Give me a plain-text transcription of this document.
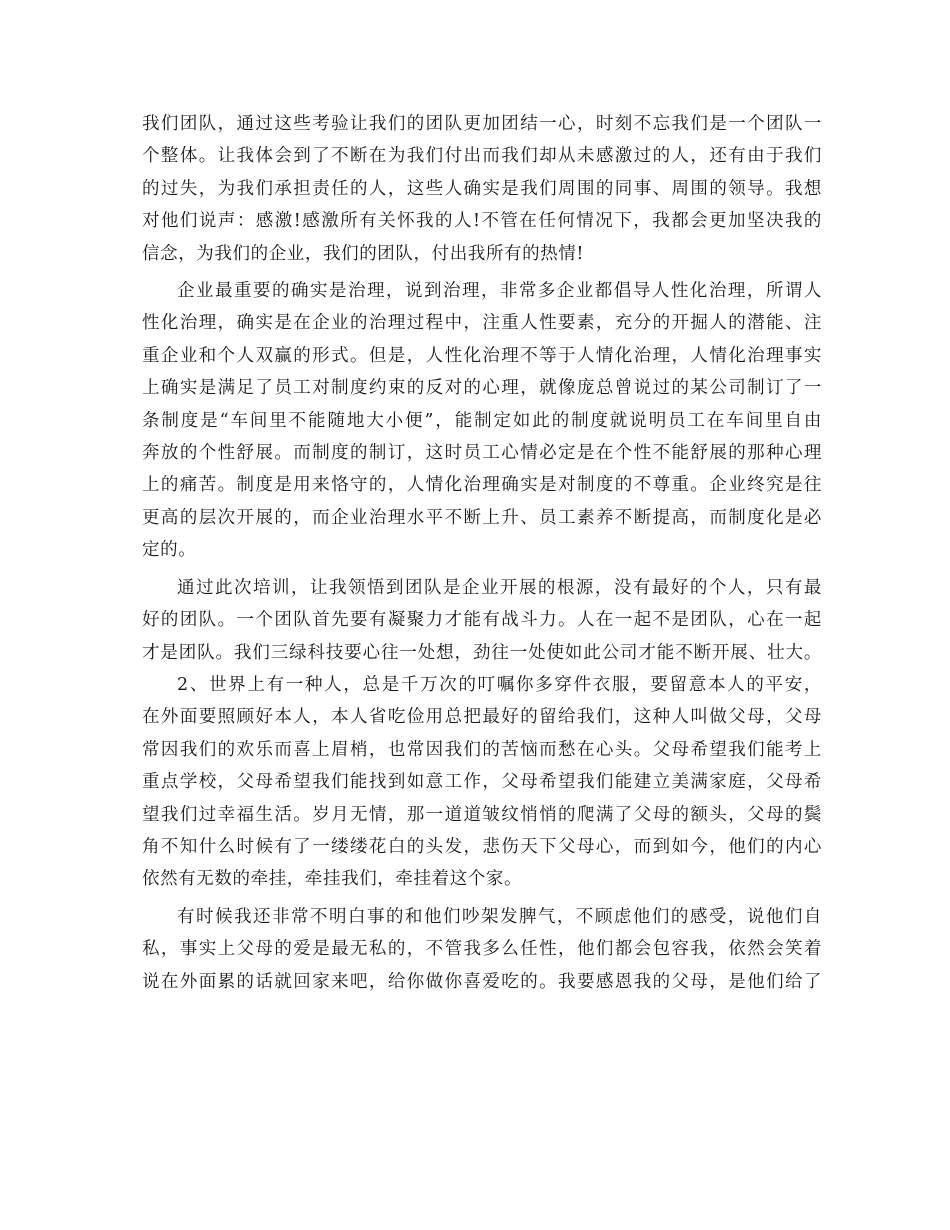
我们团队，通过这些考验让我们的团队更加团结一心，时刻不忘我们是一个团队一
个整体。让我体会到了不断在为我们付出而我们却从未感激过的人，还有由于我们
的过失，为我们承担责任的人，这些人确实是我们周围的同事、周围的领导。我想
对他们说声：感激!感激所有关怀我的人!不管在任何情况下，我都会更加坚决我的
信念，为我们的企业，我们的团队，付出我所有的热情!
企业最重要的确实是治理，说到治理，非常多企业都倡导人性化治理，所谓人
性化治理，确实是在企业的治理过程中，注重人性要素，充分的开掘人的潜能、注
重企业和个人双赢的形式。但是，人性化治理不等于人情化治理，人情化治理事实
上确实是满足了员工对制度约束的反对的心理，就像庞总曾说过的某公司制订了一
条制度是“车间里不能随地大小便”，能制定如此的制度就说明员工在车间里自由
奔放的个性舒展。而制度的制订，这时员工心情必定是在个性不能舒展的那种心理
上的痛苦。制度是用来恪守的，人情化治理确实是对制度的不尊重。企业终究是往
更高的层次开展的，而企业治理水平不断上升、员工素养不断提高，而制度化是必
定的。
通过此次培训，让我领悟到团队是企业开展的根源，没有最好的个人，只有最
好的团队。一个团队首先要有凝聚力才能有战斗力。人在一起不是团队，心在一起
才是团队。我们三绿科技要心往一处想，劲往一处使如此公司才能不断开展、壮大。
2、世界上有一种人，总是千万次的叮嘱你多穿件衣服，要留意本人的平安，
在外面要照顾好本人，本人省吃俭用总把最好的留给我们，这种人叫做父母，父母
常因我们的欢乐而喜上眉梢，也常因我们的苦恼而愁在心头。父母希望我们能考上
重点学校，父母希望我们能找到如意工作，父母希望我们能建立美满家庭，父母希
望我们过幸福生活。岁月无情，那一道道皱纹悄悄的爬满了父母的额头，父母的鬓
角不知什么时候有了一缕缕花白的头发，悲伤天下父母心，而到如今，他们的内心
依然有无数的牵挂，牵挂我们，牵挂着这个家。
有时候我还非常不明白事的和他们吵架发脾气，不顾虑他们的感受，说他们自
私，事实上父母的爱是最无私的，不管我多么任性，他们都会包容我，依然会笑着
说在外面累的话就回家来吧，给你做你喜爱吃的。我要感恩我的父母，是他们给了
